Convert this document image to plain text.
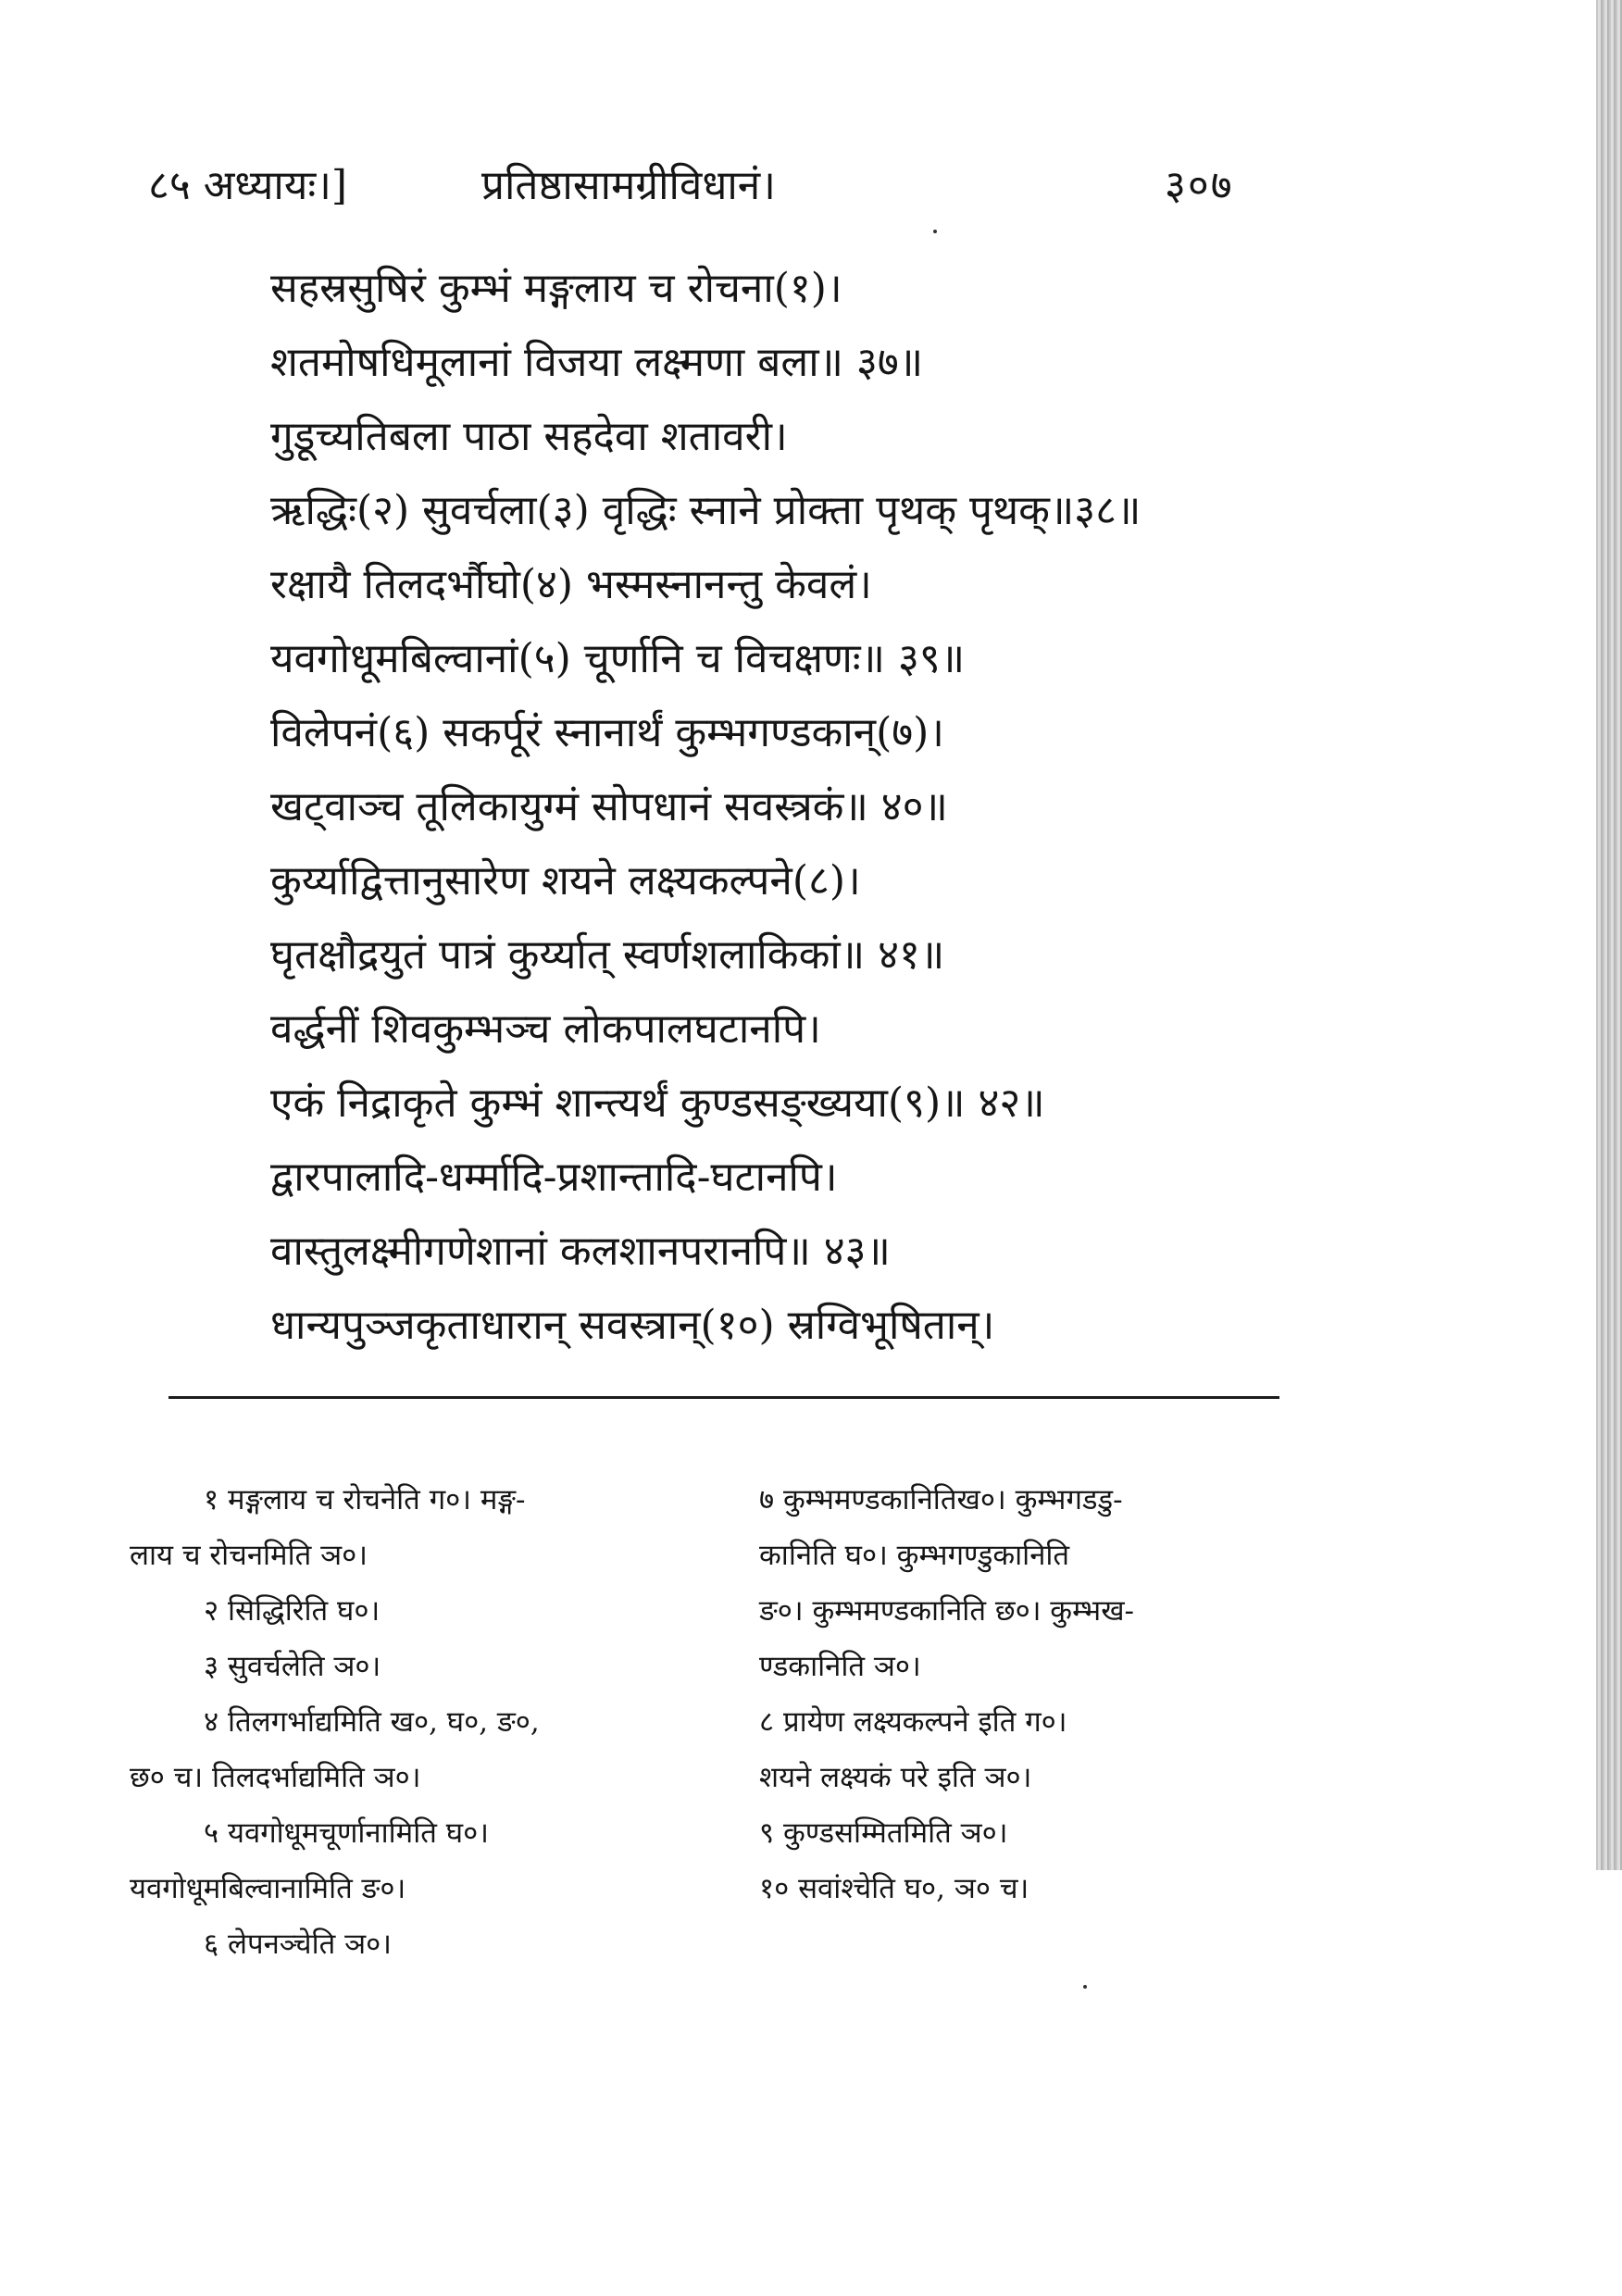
८५ अध्यायः।]	प्रतिष्ठासामग्रीविधानं।	३०७
सहस्रसुषिरं कुम्भं मङ्गलाय च रोचना(१)।
शतमोषधिमूलानां विजया लक्ष्मणा बला॥ ३७॥
गुडूच्यतिबला पाठा सहदेवा शतावरी।
ऋद्धिः(२) सुवर्चला(३) वृद्धिः स्नाने प्रोक्ता पृथक् पृथक्॥३८॥
रक्षायै तिलदर्भौघो(४) भस्मस्नानन्तु केवलं।
यवगोधूमबिल्वानां(५) चूर्णानि च विचक्षणः॥ ३९॥
विलेपनं(६) सकर्पूरं स्नानार्थं कुम्भगण्डकान्(७)।
खट्वाञ्च तूलिकायुग्मं सोपधानं सवस्त्रकं॥ ४०॥
कुर्य्याद्वित्तानुसारेण शयने लक्ष्यकल्पने(८)।
घृतक्षौद्रयुतं पात्रं कुर्य्यात् स्वर्णशलाकिकां॥ ४१॥
वर्द्धनीं शिवकुम्भञ्च लोकपालघटानपि।
एकं निद्राकृते कुम्भं शान्त्यर्थं कुण्डसङ्ख्यया(९)॥ ४२॥
द्वारपालादि-धर्म्मादि-प्रशान्तादि-घटानपि।
वास्तुलक्ष्मीगणेशानां कलशानपरानपि॥ ४३॥
धान्यपुञ्जकृताधारान् सवस्त्रान्(१०) स्रग्विभूषितान्।
१ मङ्गलाय च रोचनेति ग०। मङ्ग-
लाय च रोचनमिति ञ०।
२ सिद्धिरिति घ०।
३ सुवर्चलेति ञ०।
४ तिलगर्भाद्यमिति ख०, घ०, ङ०,
छ० च। तिलदर्भाद्यमिति ञ०।
५ यवगोधूमचूर्णानामिति घ०।
यवगोधूमबिल्वानामिति ङ०।
६ लेपनञ्चेति ञ०।
७ कुम्भमण्डकानितिख०। कुम्भगडडु-
कानिति घ०। कुम्भगण्डुकानिति
ङ०। कुम्भमण्डकानिति छ०। कुम्भख-
ण्डकानिति ञ०।
८ प्रायेण लक्ष्यकल्पने इति ग०।
शयने लक्ष्यकं परे इति ञ०।
९ कुण्डसम्मितमिति ञ०।
१० सवांश्चेति घ०, ञ० च।
